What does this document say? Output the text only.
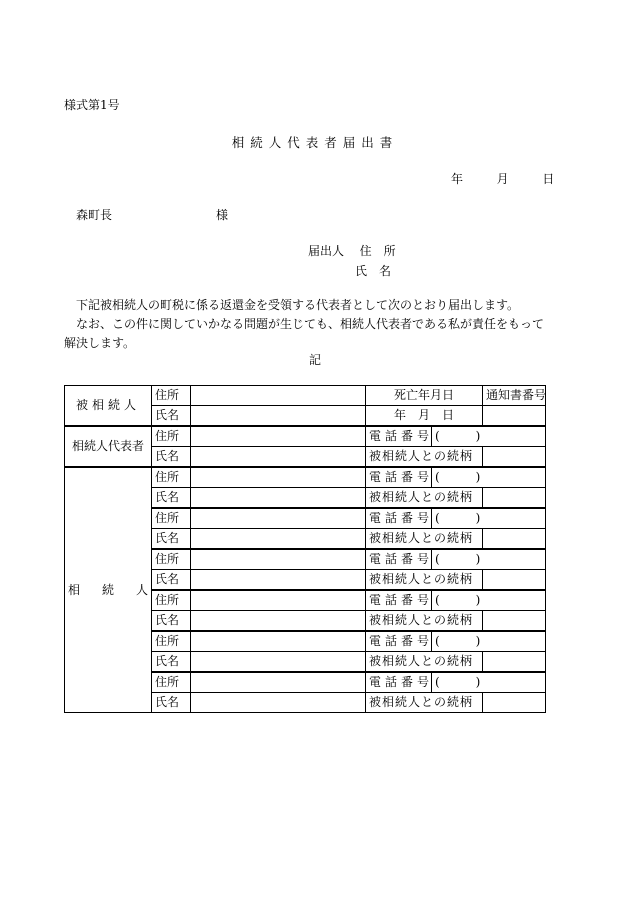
様式第1号
相続人代表者届出書
年	月	日
森町長	様
届出人 住　所
氏　名

下記被相続人の町税に係る返還金を受領する代表者として次のとおり届出します。

なお、この件に関していかなる問題が生じても、相続人代表者である私が責任をもって解決します。

記
被相続人	住所		死亡年月日		通知書番号
	氏名		年　月　日		
相続人代表者	住所		電話番号	(　　　)	
	氏名		被相続人との続柄		
相続人	住所		電話番号	(　　　)	
	氏名		被相続人との続柄		
	住所		電話番号	(　　　)	
	氏名		被相続人との続柄		
	住所		電話番号	(　　　)	
	氏名		被相続人との続柄		
	住所		電話番号	(　　　)	
	氏名		被相続人との続柄		
	住所		電話番号	(　　　)	
	氏名		被相続人との続柄		
	住所		電話番号	(　　　)	
	氏名		被相続人との続柄		
